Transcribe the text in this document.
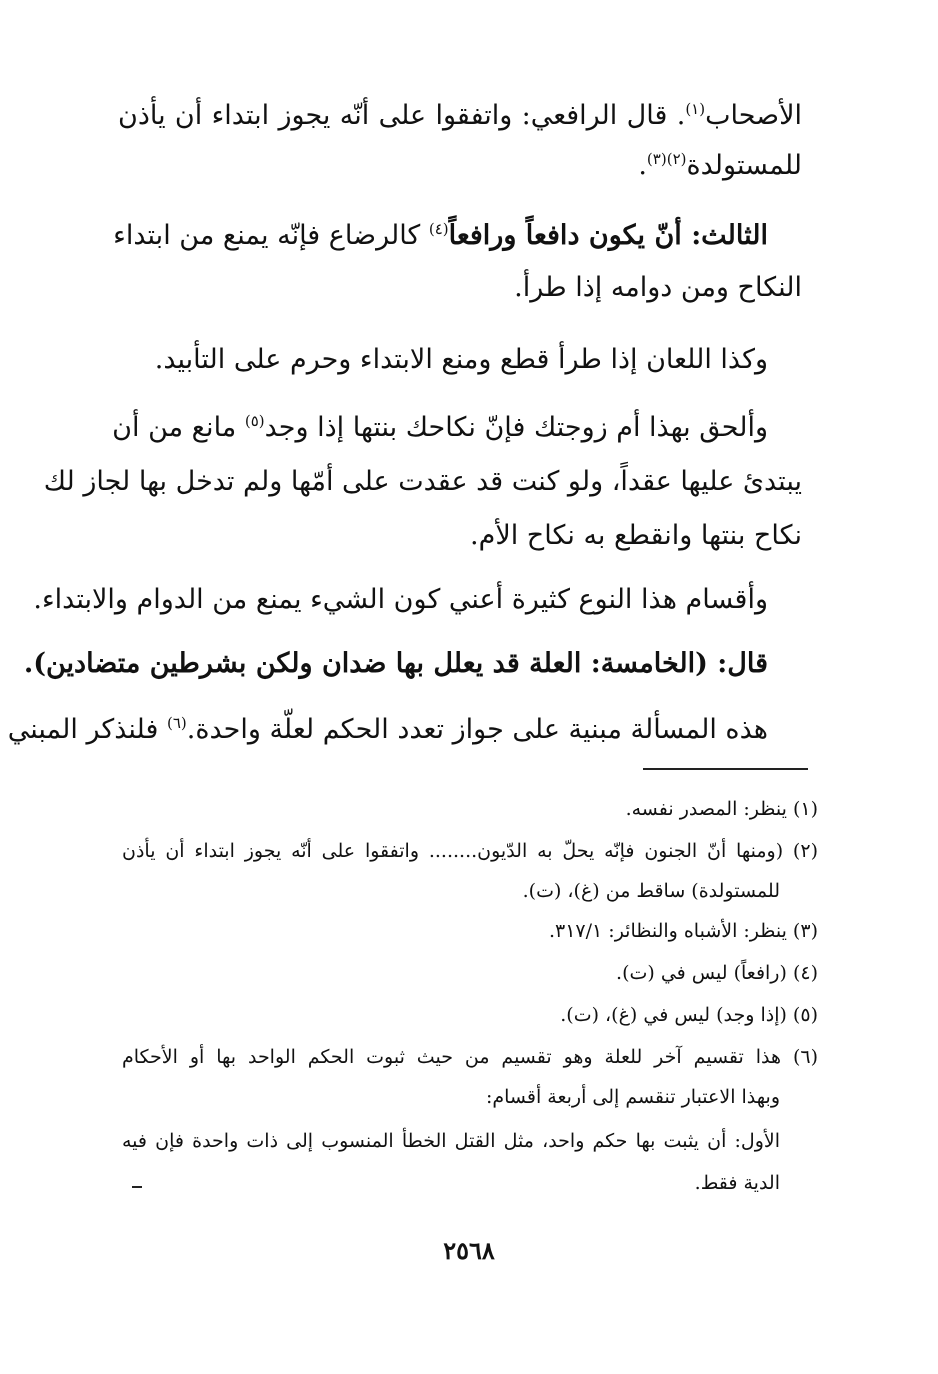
الأصحاب$^{(١)}$. قال الرافعي: واتفقوا على أنّه يجوز ابتداء أن يأذن
للمستولدة$^{(٢)(٣)}$.
الثالث: أنّ يكون دافعاً ورافعاً$^{(٤)}$ كالرضاع فإنّه يمنع من ابتداء
النكاح ومن دوامه إذا طرأ.
وكذا اللعان إذا طرأ قطع ومنع الابتداء وحرم على التأبيد.
وألحق بهذا أم زوجتك فإنّ نكاحك بنتها إذا وجد$^{(٥)}$ مانع من أن
يبتدئ عليها عقداً، ولو كنت قد عقدت على أمّها ولم تدخل بها لجاز لك
نكاح بنتها وانقطع به نكاح الأم.
وأقسام هذا النوع كثيرة أعني كون الشيء يمنع من الدوام والابتداء.
قال: (الخامسة: العلة قد يعلل بها ضدان ولكن بشرطين متضادين).
هذه المسألة مبنية على جواز تعدد الحكم لعلّة واحدة.$^{(٦)}$ فلنذكر المبني
(١) ينظر: المصدر نفسه.
(٢) (ومنها أنّ الجنون فإنّه يحلّ به الدّيون........ واتفقوا على أنّه يجوز ابتداء أن يأذن
للمستولدة) ساقط من (غ)، (ت).
(٣) ينظر: الأشباه والنظائر: ٣١٧/١.
(٤) (رافعاً) ليس في (ت).
(٥) (إذا وجد) ليس في (غ)، (ت).
(٦) هذا تقسيم آخر للعلة وهو تقسيم من حيث ثبوت الحكم الواحد بها أو الأحكام
وبهذا الاعتبار تنقسم إلى أربعة أقسام:
الأول: أن يثبت بها حكم واحد، مثل القتل الخطأ المنسوب إلى ذات واحدة فإن فيه
الدية فقط.
٢٥٦٨
